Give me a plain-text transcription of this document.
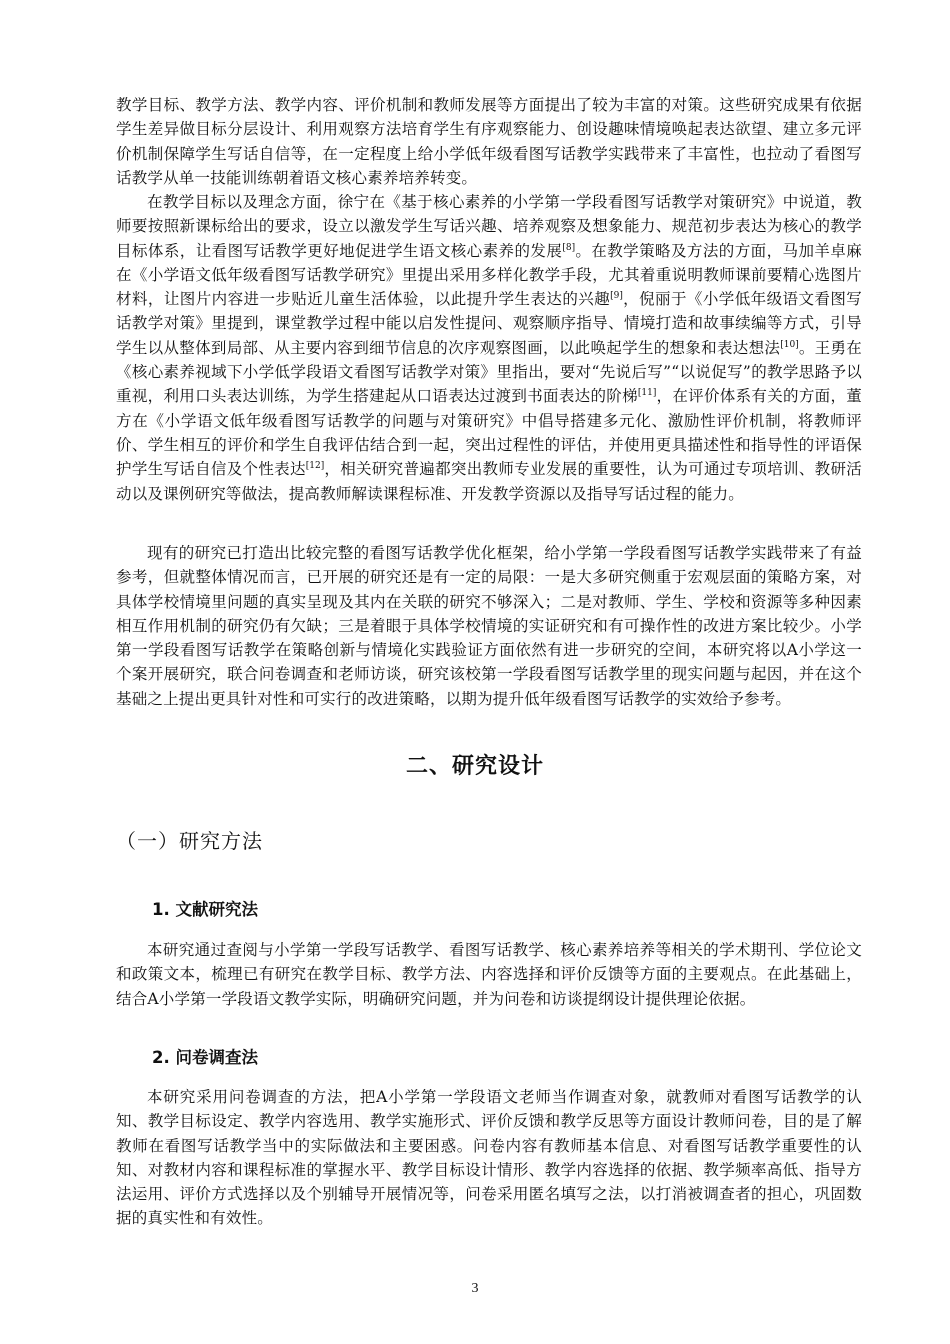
教学目标、教学方法、教学内容、评价机制和教师发展等方面提出了较为丰富的对策。这些研究成果有依据学生差异做目标分层设计、利用观察方法培育学生有序观察能力、创设趣味情境唤起表达欲望、建立多元评价机制保障学生写话自信等，在一定程度上给小学低年级看图写话教学实践带来了丰富性，也拉动了看图写话教学从单一技能训练朝着语文核心素养培养转变。

在教学目标以及理念方面，徐宁在《基于核心素养的小学第一学段看图写话教学对策研究》中说道，教师要按照新课标给出的要求，设立以激发学生写话兴趣、培养观察及想象能力、规范初步表达为核心的教学目标体系，让看图写话教学更好地促进学生语文核心素养的发展[8]。在教学策略及方法的方面，马加羊卓麻在《小学语文低年级看图写话教学研究》里提出采用多样化教学手段，尤其着重说明教师课前要精心选图片材料，让图片内容进一步贴近儿童生活体验，以此提升学生表达的兴趣[9]，倪丽于《小学低年级语文看图写话教学对策》里提到，课堂教学过程中能以启发性提问、观察顺序指导、情境打造和故事续编等方式，引导学生以从整体到局部、从主要内容到细节信息的次序观察图画，以此唤起学生的想象和表达想法[10]。王勇在《核心素养视域下小学低学段语文看图写话教学对策》里指出，要对“先说后写”“以说促写”的教学思路予以重视，利用口头表达训练，为学生搭建起从口语表达过渡到书面表达的阶梯[11]，在评价体系有关的方面，董方在《小学语文低年级看图写话教学的问题与对策研究》中倡导搭建多元化、激励性评价机制，将教师评价、学生相互的评价和学生自我评估结合到一起，突出过程性的评估，并使用更具描述性和指导性的评语保护学生写话自信及个性表达[12]，相关研究普遍都突出教师专业发展的重要性，认为可通过专项培训、教研活动以及课例研究等做法，提高教师解读课程标准、开发教学资源以及指导写话过程的能力。

现有的研究已打造出比较完整的看图写话教学优化框架，给小学第一学段看图写话教学实践带来了有益参考，但就整体情况而言，已开展的研究还是有一定的局限：一是大多研究侧重于宏观层面的策略方案，对具体学校情境里问题的真实呈现及其内在关联的研究不够深入；二是对教师、学生、学校和资源等多种因素相互作用机制的研究仍有欠缺；三是着眼于具体学校情境的实证研究和有可操作性的改进方案比较少。小学第一学段看图写话教学在策略创新与情境化实践验证方面依然有进一步研究的空间，本研究将以A小学这一个案开展研究，联合问卷调查和老师访谈，研究该校第一学段看图写话教学里的现实问题与起因，并在这个基础之上提出更具针对性和可实行的改进策略，以期为提升低年级看图写话教学的实效给予参考。

二、研究设计
（一）研究方法
1. 文献研究法

本研究通过查阅与小学第一学段写话教学、看图写话教学、核心素养培养等相关的学术期刊、学位论文和政策文本，梳理已有研究在教学目标、教学方法、内容选择和评价反馈等方面的主要观点。在此基础上，结合A小学第一学段语文教学实际，明确研究问题，并为问卷和访谈提纲设计提供理论依据。

2. 问卷调查法

本研究采用问卷调查的方法，把A小学第一学段语文老师当作调查对象，就教师对看图写话教学的认知、教学目标设定、教学内容选用、教学实施形式、评价反馈和教学反思等方面设计教师问卷，目的是了解教师在看图写话教学当中的实际做法和主要困惑。问卷内容有教师基本信息、对看图写话教学重要性的认知、对教材内容和课程标准的掌握水平、教学目标设计情形、教学内容选择的依据、教学频率高低、指导方法运用、评价方式选择以及个别辅导开展情况等，问卷采用匿名填写之法，以打消被调查者的担心，巩固数据的真实性和有效性。

3
